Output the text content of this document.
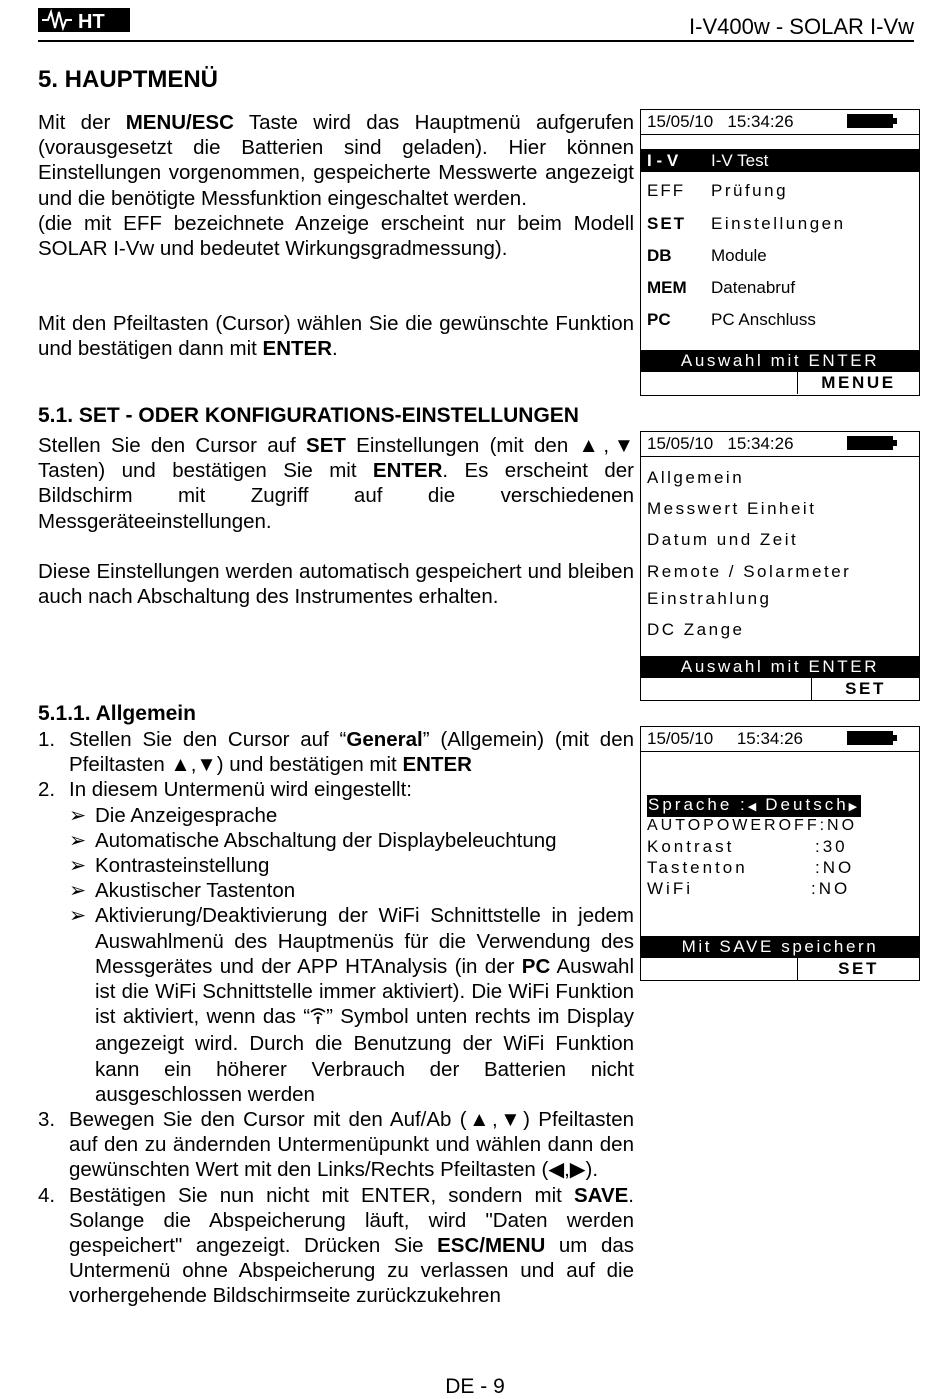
HT	I-V400w - SOLAR I-Vw
5. HAUPTMENÜ

Mit der MENU/ESC Taste wird das Hauptmenü aufgerufen (vorausgesetzt die Batterien sind geladen). Hier können Einstellungen vorgenommen, gespeicherte Messwerte angezeigt und die benötigte Messfunktion eingeschaltet werden.
(die mit EFF bezeichnete Anzeige erscheint nur beim Modell SOLAR I-Vw und bedeutet Wirkungsgradmessung).

Mit den Pfeiltasten (Cursor) wählen Sie die gewünschte Funktion und bestätigen dann mit ENTER.

15/05/10 15:34:26
I - V I-V Test
EFF Prüfung
SET Einstellungen
DB Module
MEM Datenabruf
PC PC Anschluss
Auswahl mit ENTER
MENUE
5.1. SET - ODER KONFIGURATIONS-EINSTELLUNGEN

Stellen Sie den Cursor auf SET Einstellungen (mit den ▲,▼ Tasten) und bestätigen Sie mit ENTER. Es erscheint der Bildschirm mit Zugriff auf die verschiedenen Messgeräteeinstellungen.

Diese Einstellungen werden automatisch gespeichert und bleiben auch nach Abschaltung des Instrumentes erhalten.

15/05/10 15:34:26
Allgemein
Messwert Einheit
Datum und Zeit
Remote / Solarmeter
Einstrahlung
DC Zange
Auswahl mit ENTER
SET
5.1.1. Allgemein
1. Stellen Sie den Cursor auf “General” (Allgemein) (mit den Pfeiltasten ▲,▼) und bestätigen mit ENTER
2. In diesem Untermenü wird eingestellt:
➢ Die Anzeigesprache
➢ Automatische Abschaltung der Displaybeleuchtung
➢ Kontrasteinstellung
➢ Akustischer Tastenton
➢ Aktivierung/Deaktivierung der WiFi Schnittstelle in jedem Auswahlmenü des Hauptmenüs für die Verwendung des Messgerätes und der APP HTAnalysis (in der PC Auswahl ist die WiFi Schnittstelle immer aktiviert). Die WiFi Funktion ist aktiviert, wenn das “ ” Symbol unten rechts im Display angezeigt wird. Durch die Benutzung der WiFi Funktion kann ein höherer Verbrauch der Batterien nicht ausgeschlossen werden
3. Bewegen Sie den Cursor mit den Auf/Ab (▲,▼) Pfeiltasten auf den zu ändernden Untermenüpunkt und wählen dann den gewünschten Wert mit den Links/Rechts Pfeiltasten (◀,▶).
4. Bestätigen Sie nun nicht mit ENTER, sondern mit SAVE. Solange die Abspeicherung läuft, wird "Daten werden gespeichert" angezeigt. Drücken Sie ESC/MENU um das Untermenü ohne Abspeicherung zu verlassen und auf die vorhergehende Bildschirmseite zurückzukehren
15/05/10 15:34:26
Sprache :◀ Deutsch▶
AUTOPOWEROFF:NO
Kontrast	:30
Tastenton	:NO
WiFi	:NO
Mit SAVE speichern
SET
DE - 9
